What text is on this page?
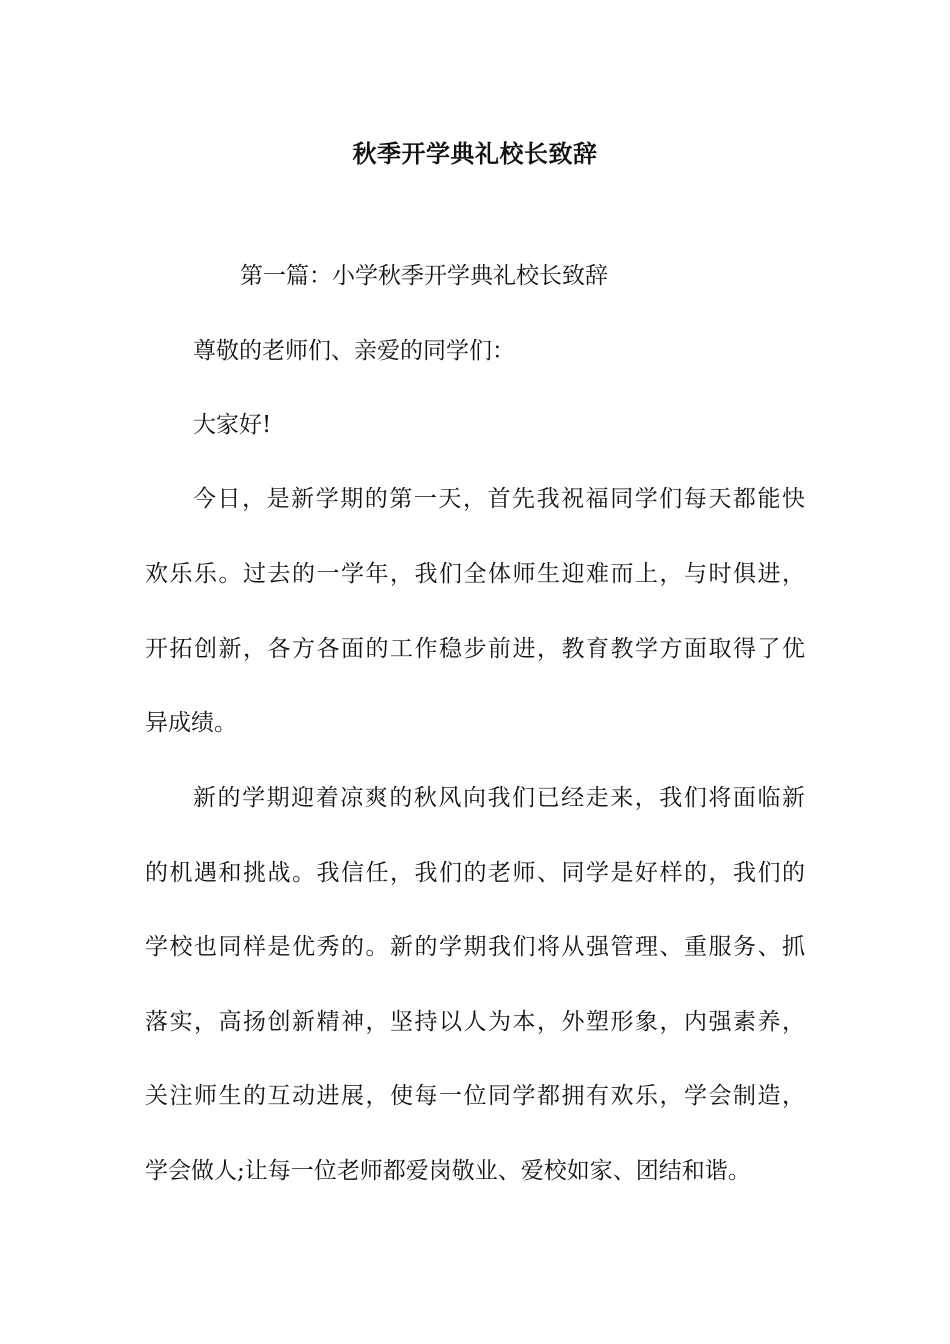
秋季开学典礼校长致辞
第一篇：小学秋季开学典礼校长致辞
尊敬的老师们、亲爱的同学们：
大家好!
今日，是新学期的第一天，首先我祝福同学们每天都能快
欢乐乐。过去的一学年，我们全体师生迎难而上，与时俱进，
开拓创新，各方各面的工作稳步前进，教育教学方面取得了优
异成绩。
新的学期迎着凉爽的秋风向我们已经走来，我们将面临新
的机遇和挑战。我信任，我们的老师、同学是好样的，我们的
学校也同样是优秀的。新的学期我们将从强管理、重服务、抓
落实，高扬创新精神，坚持以人为本，外塑形象，内强素养，
关注师生的互动进展，使每一位同学都拥有欢乐，学会制造，
学会做人;让每一位老师都爱岗敬业、爱校如家、团结和谐。
